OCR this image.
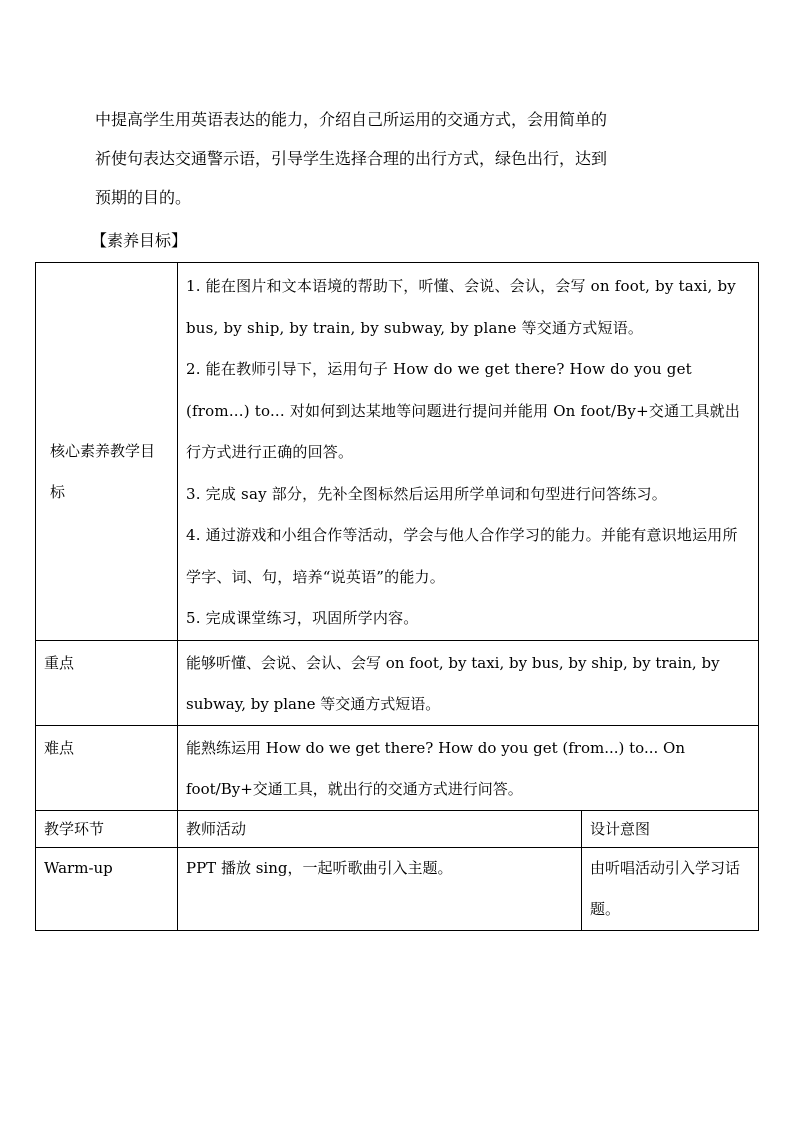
中提高学生用英语表达的能力，介绍自己所运用的交通方式，会用简单的

祈使句表达交通警示语，引导学生选择合理的出行方式，绿色出行，达到

预期的目的。

【素养目标】
核心素养教学目标	1. 能在图片和文本语境的帮助下，听懂、会说、会认，会写 on foot, by taxi, by bus, by ship, by train, by subway, by plane 等交通方式短语。
2. 能在教师引导下，运用句子 How do we get there? How do you get (from...) to... 对如何到达某地等问题进行提问并能用 On foot/By+交通工具就出行方式进行正确的回答。
3. 完成 say 部分，先补全图标然后运用所学单词和句型进行问答练习。
4. 通过游戏和小组合作等活动，学会与他人合作学习的能力。并能有意识地运用所学字、词、句，培养“说英语”的能力。
5. 完成课堂练习，巩固所学内容。	

重点	能够听懂、会说、会认、会写 on foot, by taxi, by bus, by ship, by train, by subway, by plane 等交通方式短语。	
难点	能熟练运用 How do we get there? How do you get (from...) to... On foot/By+交通工具，就出行的交通方式进行问答。	
教学环节	教师活动	设计意图
Warm-up	PPT 播放 sing，一起听歌曲引入主题。	由听唱活动引入学习话题。
